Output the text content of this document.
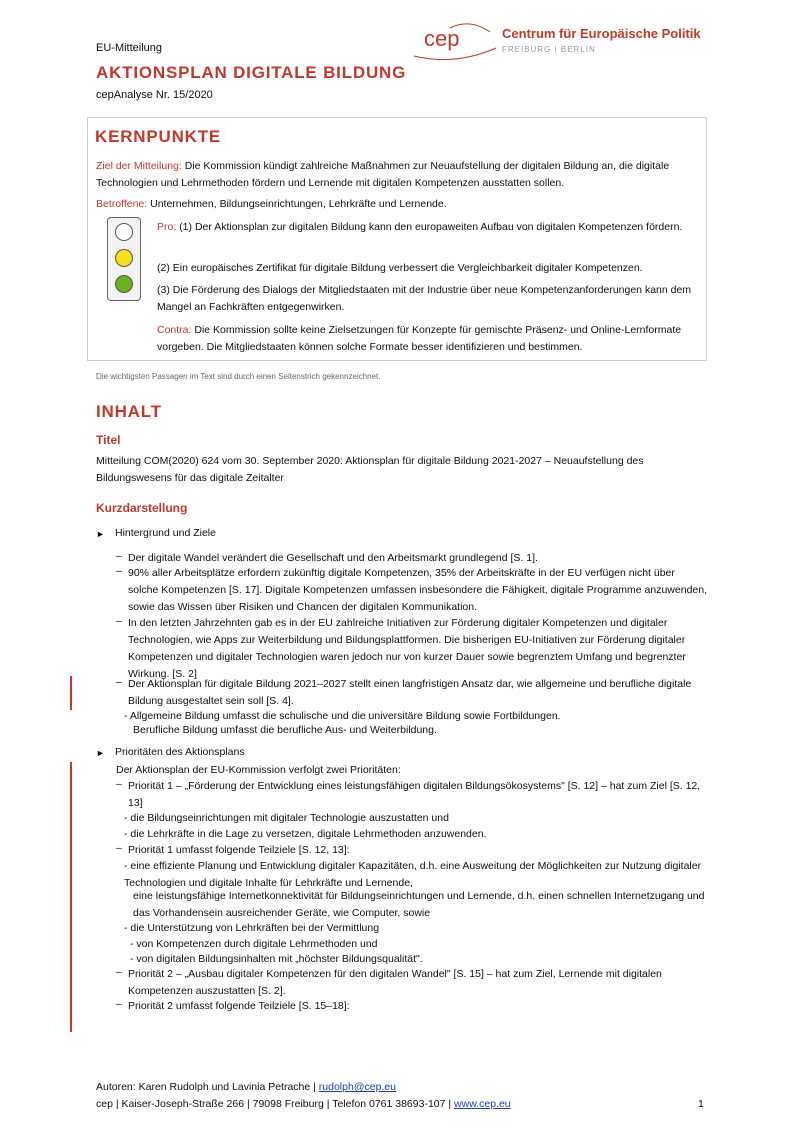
EU-Mitteilung
AKTIONSPLAN DIGITALE BILDUNG
cepAnalyse Nr. 15/2020
cep	Centrum für Europäische Politik
FREIBURG | BERLIN
KERNPUNKTE

Ziel der Mitteilung: Die Kommission kündigt zahlreiche Maßnahmen zur Neuaufstellung der digitalen Bildung an, die digitale Technologien und Lehrmethoden fördern und Lernende mit digitalen Kompetenzen ausstatten sollen.

Betroffene: Unternehmen, Bildungseinrichtungen, Lehrkräfte und Lernende.

Pro: (1) Der Aktionsplan zur digitalen Bildung kann den europaweiten Aufbau von digitalen Kompetenzen fördern.

(2) Ein europäisches Zertifikat für digitale Bildung verbessert die Vergleichbarkeit digitaler Kompetenzen.

(3) Die Förderung des Dialogs der Mitgliedstaaten mit der Industrie über neue Kompetenzanforderungen kann dem Mangel an Fachkräften entgegenwirken.

Contra: Die Kommission sollte keine Zielsetzungen für Konzepte für gemischte Präsenz- und Online-Lernformate vorgeben. Die Mitgliedstaaten können solche Formate besser identifizieren und bestimmen.

Die wichtigsten Passagen im Text sind durch einen Seitenstrich gekennzeichnet.
INHALT
Titel

Mitteilung COM(2020) 624 vom 30. September 2020: Aktionsplan für digitale Bildung 2021-2027 – Neuaufstellung des Bildungswesens für das digitale Zeitalter

Kurzdarstellung
► Hintergrund und Ziele
– Der digitale Wandel verändert die Gesellschaft und den Arbeitsmarkt grundlegend [S. 1].

– 90% aller Arbeitsplätze erfordern zukünftig digitale Kompetenzen, 35% der Arbeitskräfte in der EU verfügen nicht über solche Kompetenzen [S. 17]. Digitale Kompetenzen umfassen insbesondere die Fähigkeit, digitale Programme anzuwenden, sowie das Wissen über Risiken und Chancen der digitalen Kommunikation.

– In den letzten Jahrzehnten gab es in der EU zahlreiche Initiativen zur Förderung digitaler Kompetenzen und digitaler Technologien, wie Apps zur Weiterbildung und Bildungsplattformen. Die bisherigen EU-Initiativen zur Förderung digitaler Kompetenzen und digitaler Technologien waren jedoch nur von kurzer Dauer sowie begrenztem Umfang und begrenzter Wirkung. [S. 2]

– Der Aktionsplan für digitale Bildung 2021–2027 stellt einen langfristigen Ansatz dar, wie allgemeine und berufliche digitale Bildung ausgestaltet sein soll [S. 4].

- Allgemeine Bildung umfasst die schulische und die universitäre Bildung sowie Fortbildungen.

Berufliche Bildung umfasst die berufliche Aus- und Weiterbildung.

► Prioritäten des Aktionsplans

Der Aktionsplan der EU-Kommission verfolgt zwei Prioritäten:

– Priorität 1 – „Förderung der Entwicklung eines leistungsfähigen digitalen Bildungsökosystems" [S. 12] – hat zum Ziel [S. 12, 13]

- die Bildungseinrichtungen mit digitaler Technologie auszustatten und

- die Lehrkräfte in die Lage zu versetzen, digitale Lehrmethoden anzuwenden.

– Priorität 1 umfasst folgende Teilziele [S. 12, 13]:

- eine effiziente Planung und Entwicklung digitaler Kapazitäten, d.h. eine Ausweitung der Möglichkeiten zur Nutzung digitaler Technologien und digitale Inhalte für Lehrkräfte und Lernende,

eine leistungsfähige Internetkonnektivität für Bildungseinrichtungen und Lernende, d.h. einen schnellen Internetzugang und das Vorhandensein ausreichender Geräte, wie Computer, sowie

- die Unterstützung von Lehrkräften bei der Vermittlung

- von Kompetenzen durch digitale Lehrmethoden und

- von digitalen Bildungsinhalten mit „höchster Bildungsqualität".

– Priorität 2 – „Ausbau digitaler Kompetenzen für den digitalen Wandel" [S. 15] – hat zum Ziel, Lernende mit digitalen Kompetenzen auszustatten [S. 2].

– Priorität 2 umfasst folgende Teilziele [S. 15–18]:

Autoren: Karen Rudolph und Lavinia Petrache | rudolph@cep.eu
cep | Kaiser-Joseph-Straße 266 | 79098 Freiburg | Telefon 0761 38693-107 | www.cep.eu	1
